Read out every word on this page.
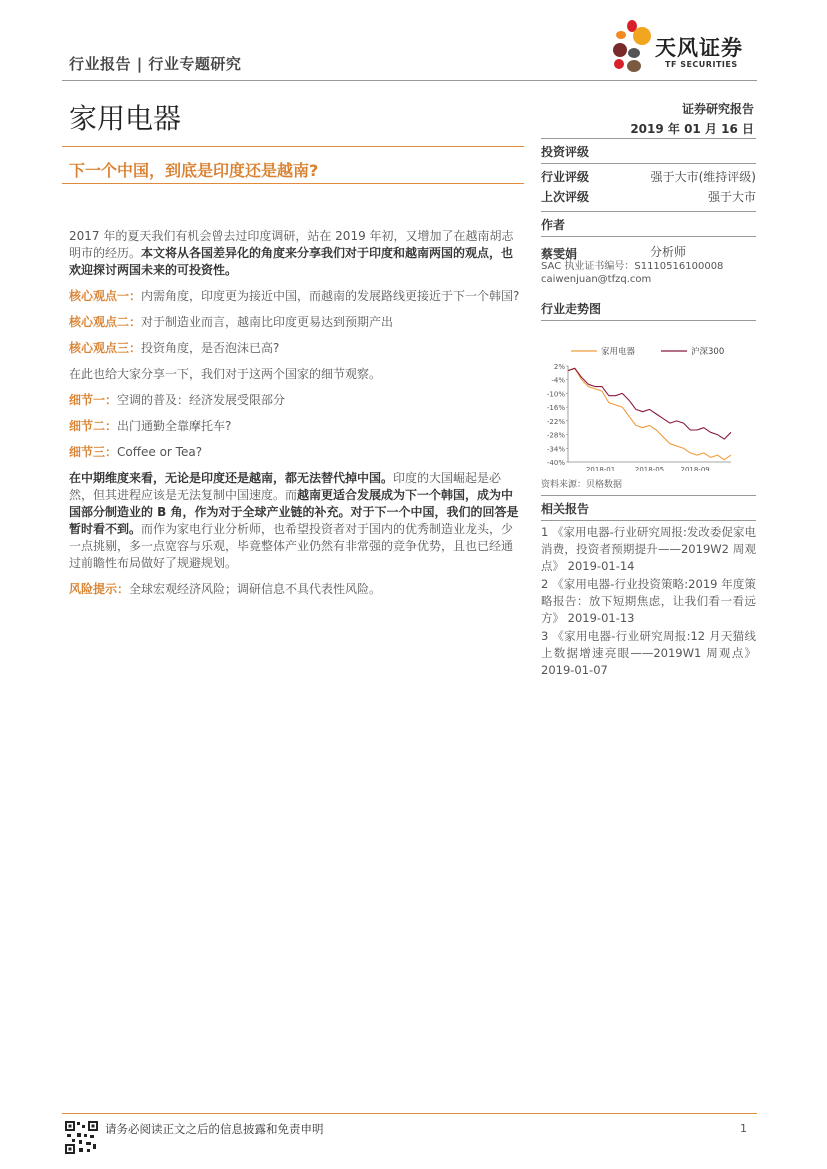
行业报告 | 行业专题研究
天风证券
TF SECURITIES
家用电器	证券研究报告
2019 年 01 月 16 日
下一个中国，到底是印度还是越南?

2017 年的夏天我们有机会曾去过印度调研，站在 2019 年初，又增加了在越南胡志明市的经历。本文将从各国差异化的角度来分享我们对于印度和越南两国的观点，也欢迎探讨两国未来的可投资性。

核心观点一：内需角度，印度更为接近中国，而越南的发展路线更接近于下一个韩国?

核心观点二：对于制造业而言，越南比印度更易达到预期产出

核心观点三：投资角度，是否泡沫已高?

在此也给大家分享一下，我们对于这两个国家的细节观察。

细节一：空调的普及：经济发展受限部分

细节二：出门通勤全靠摩托车?

细节三：Coffee or Tea?

在中期维度来看，无论是印度还是越南，都无法替代掉中国。印度的大国崛起是必然，但其进程应该是无法复制中国速度。而越南更适合发展成为下一个韩国，成为中国部分制造业的 B 角，作为对于全球产业链的补充。对于下一个中国，我们的回答是暂时看不到。而作为家电行业分析师，也希望投资者对于国内的优秀制造业龙头，少一点挑剔，多一点宽容与乐观，毕竟整体产业仍然有非常强的竞争优势，且也已经通过前瞻性布局做好了规避规划。

风险提示：全球宏观经济风险；调研信息不具代表性风险。

投资评级
行业评级	强于大市(维持评级)
上次评级	强于大市
作者
蔡雯娟	分析师
SAC 执业证书编号：S1110516100008
caiwenjuan@tfzq.com
行业走势图
2%
-4%
-10%
-16%
-22%
-28%
-34%
-40%
2018-01	2018-05 2018-09
家用电器	沪深300
资料来源：贝格数据
相关报告
1 《家用电器-行业研究周报:发改委促家电消费，投资者预期提升——2019W2 周观点》 2019-01-14
2 《家用电器-行业投资策略:2019 年度策略报告：放下短期焦虑，让我们看一看远方》 2019-01-13
3 《家用电器-行业研究周报:12 月天猫线上数据增速亮眼——2019W1 周观点》 2019-01-07
请务必阅读正文之后的信息披露和免责申明	1
